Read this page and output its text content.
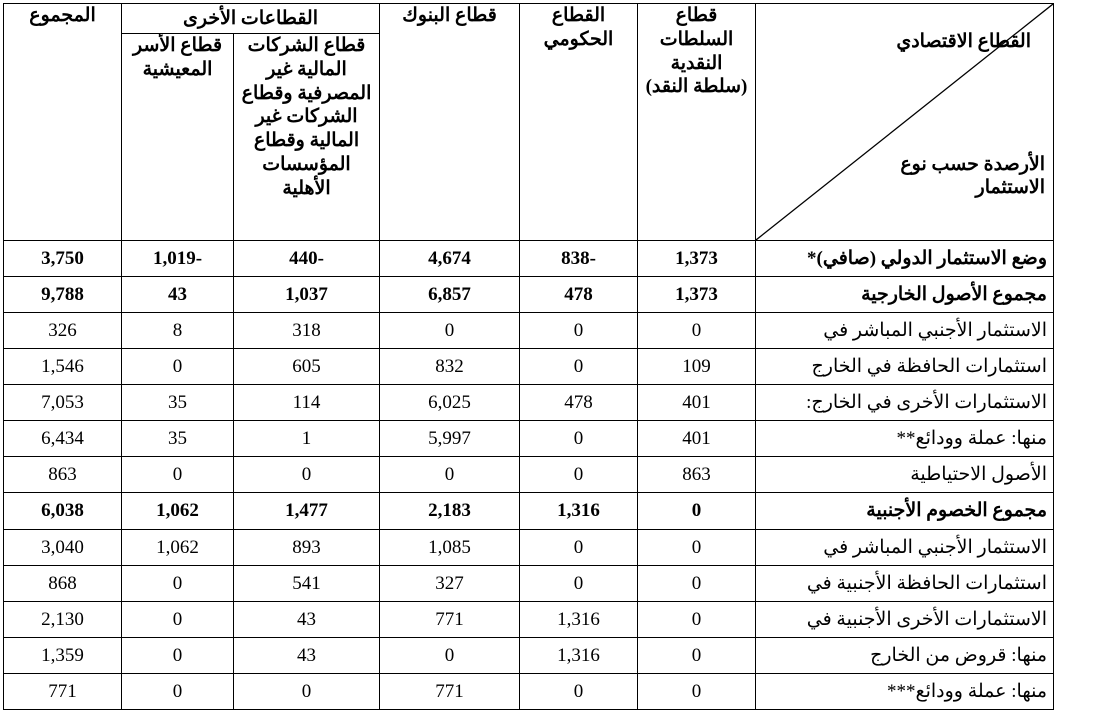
القطاع الاقتصادي
الأرصدة حسب نوع الاستثمار	قطاع السلطات النقدية (سلطة النقد)	القطاع الحكومي	قطاع البنوك	القطاعات الأخرى		المجموع
				قطاع الشركات المالية غير المصرفية وقطاع الشركات غير المالية وقطاع المؤسسات الأهلية	قطاع الأسر المعيشية	
وضع الاستثمار الدولي (صافي)*	1,373	-838	4,674	-440	-1,019	3,750
مجموع الأصول الخارجية	1,373	478	6,857	1,037	43	9,788
الاستثمار الأجنبي المباشر في	0	0	0	318	8	326
استثمارات الحافظة في الخارج	109	0	832	605	0	1,546
الاستثمارات الأخرى في الخارج:	401	478	6,025	114	35	7,053
منها: عملة وودائع**	401	0	5,997	1	35	6,434
الأصول الاحتياطية	863	0	0	0	0	863
مجموع الخصوم الأجنبية	0	1,316	2,183	1,477	1,062	6,038
الاستثمار الأجنبي المباشر في	0	0	1,085	893	1,062	3,040
استثمارات الحافظة الأجنبية في	0	0	327	541	0	868
الاستثمارات الأخرى الأجنبية في	0	1,316	771	43	0	2,130
منها: قروض من الخارج	0	1,316	0	43	0	1,359
منها: عملة وودائع***	0	0	771	0	0	771
